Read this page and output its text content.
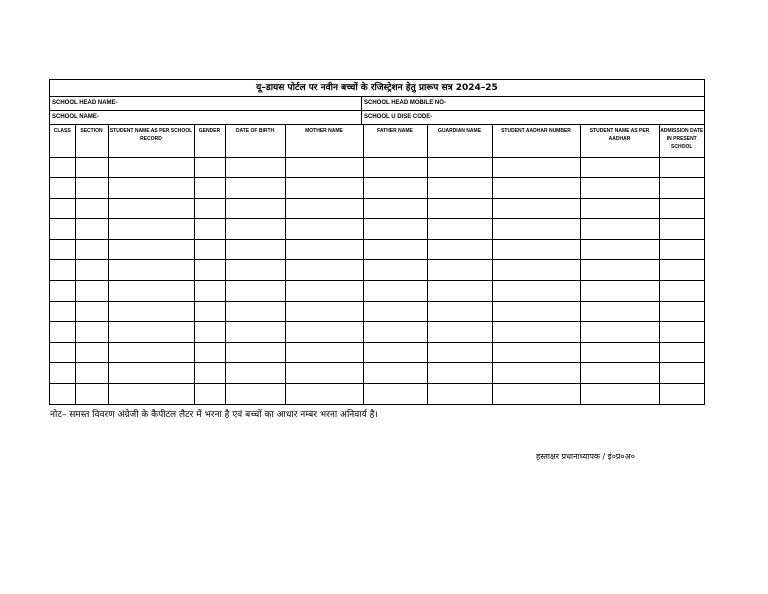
यू–डायस पोर्टल पर नवीन बच्चों के रजिस्ट्रेशन हेतु प्रारूप सत्र 2024–25
SCHOOL HEAD NAME-	SCHOOL HEAD MOBILE NO-
SCHOOL NAME-	SCHOOL U DISE CODE-
CLASS	SECTION	STUDENT NAME AS PER SCHOOL RECORD	GENDER	DATE OF BIRTH	MOTHER NAME	FATHER NAME	GUARDIAN NAME	STUDENT AADHAR NUMBER	STUDENT NAME AS PER AADHAR	ADMISSION DATE IN PRESENT SCHOOL

नोट– समस्त विवरण अंग्रेजी के कैपीटल लैटर में भरना है एवं बच्चों का आधार नम्बर भरना अनिवार्य है।
हस्ताक्षर प्रधानाध्यापक / इं०प्र०अ०
